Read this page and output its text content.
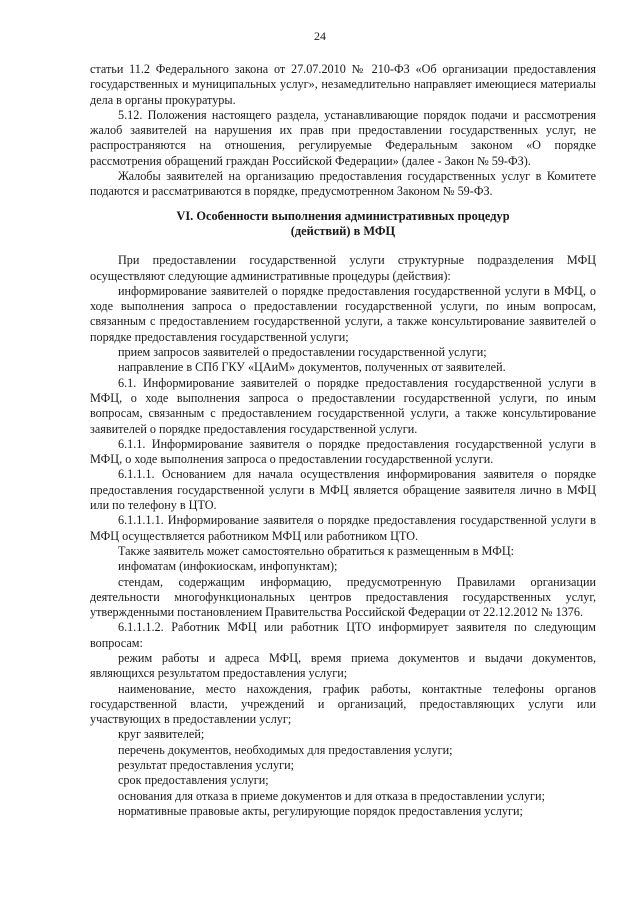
24

статьи 11.2 Федерального закона от 27.07.2010 № 210-ФЗ «Об организации предоставления государственных и муниципальных услуг», незамедлительно направляет имеющиеся материалы дела в органы прокуратуры.

5.12. Положения настоящего раздела, устанавливающие порядок подачи и рассмотрения жалоб заявителей на нарушения их прав при предоставлении государственных услуг, не распространяются на отношения, регулируемые Федеральным законом «О порядке рассмотрения обращений граждан Российской Федерации» (далее - Закон № 59-ФЗ).

Жалобы заявителей на организацию предоставления государственных услуг в Комитете подаются и рассматриваются в порядке, предусмотренном Законом № 59-ФЗ.

VI. Особенности выполнения административных процедур
(действий) в МФЦ

При предоставлении государственной услуги структурные подразделения МФЦ осуществляют следующие административные процедуры (действия):

информирование заявителей о порядке предоставления государственной услуги в МФЦ, о ходе выполнения запроса о предоставлении государственной услуги, по иным вопросам, связанным с предоставлением государственной услуги, а также консультирование заявителей о порядке предоставления государственной услуги;

прием запросов заявителей о предоставлении государственной услуги;

направление в СПб ГКУ «ЦАиМ» документов, полученных от заявителей.

6.1. Информирование заявителей о порядке предоставления государственной услуги в МФЦ, о ходе выполнения запроса о предоставлении государственной услуги, по иным вопросам, связанным с предоставлением государственной услуги, а также консультирование заявителей о порядке предоставления государственной услуги.

6.1.1. Информирование заявителя о порядке предоставления государственной услуги в МФЦ, о ходе выполнения запроса о предоставлении государственной услуги.

6.1.1.1. Основанием для начала осуществления информирования заявителя о порядке предоставления государственной услуги в МФЦ является обращение заявителя лично в МФЦ или по телефону в ЦТО.

6.1.1.1.1. Информирование заявителя о порядке предоставления государственной услуги в МФЦ осуществляется работником МФЦ или работником ЦТО.

Также заявитель может самостоятельно обратиться к размещенным в МФЦ:

инфоматам (инфокиоскам, инфопунктам);

стендам, содержащим информацию, предусмотренную Правилами организации деятельности многофункциональных центров предоставления государственных услуг, утвержденными постановлением Правительства Российской Федерации от 22.12.2012 № 1376.

6.1.1.1.2. Работник МФЦ или работник ЦТО информирует заявителя по следующим вопросам:

режим работы и адреса МФЦ, время приема документов и выдачи документов, являющихся результатом предоставления услуги;

наименование, место нахождения, график работы, контактные телефоны органов государственной власти, учреждений и организаций, предоставляющих услуги или участвующих в предоставлении услуг;

круг заявителей;

перечень документов, необходимых для предоставления услуги;

результат предоставления услуги;

срок предоставления услуги;

основания для отказа в приеме документов и для отказа в предоставлении услуги;

нормативные правовые акты, регулирующие порядок предоставления услуги;
